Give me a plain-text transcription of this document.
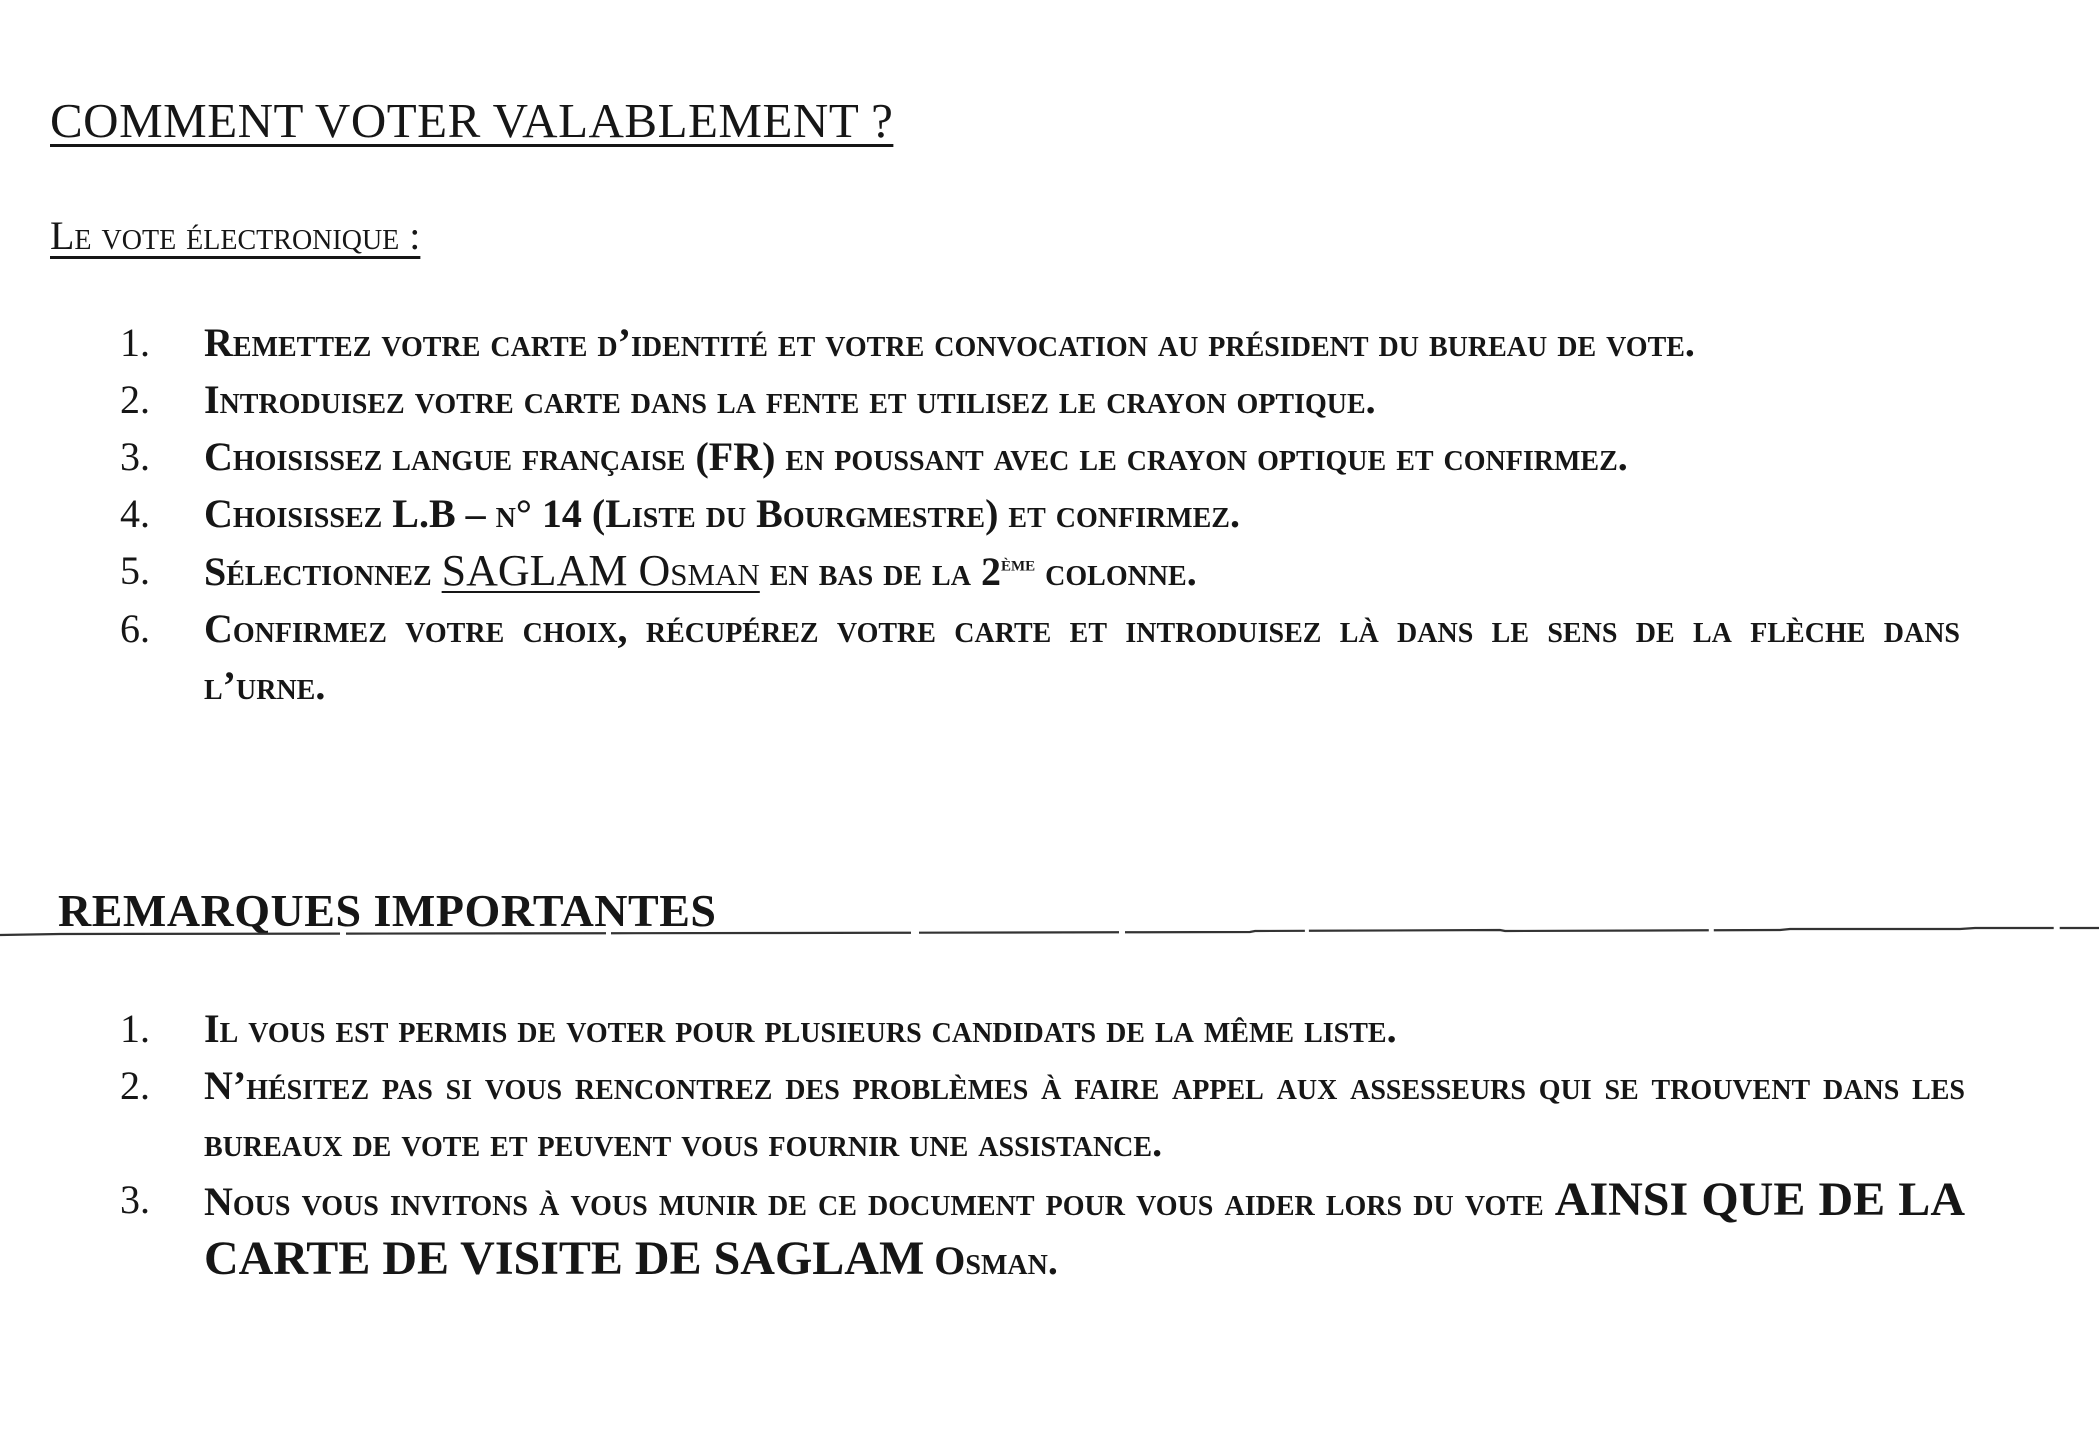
COMMENT VOTER VALABLEMENT ?
Le vote électronique :
1. Remettez votre carte d’identité et votre convocation au président du bureau de vote.
2. Introduisez votre carte dans la fente et utilisez le crayon optique.
3. Choisissez langue française (FR) en poussant avec le crayon optique et confirmez.
4. Choisissez L.B – n° 14 (Liste du Bourgmestre) et confirmez.
5. Sélectionnez SAGLAM Osman en bas de la 2ème colonne.
6. Confirmez votre choix, récupérez votre carte et introduisez là dans le sens de la flèche dans l’urne.
REMARQUES IMPORTANTES
1. Il vous est permis de voter pour plusieurs candidats de la même liste.
2. N’hésitez pas si vous rencontrez des problèmes à faire appel aux assesseurs qui se trouvent dans les bureaux de vote et peuvent vous fournir une assistance.
3. Nous vous invitons à vous munir de ce document pour vous aider lors du vote AINSI QUE DE LA CARTE DE VISITE DE SAGLAM Osman.
